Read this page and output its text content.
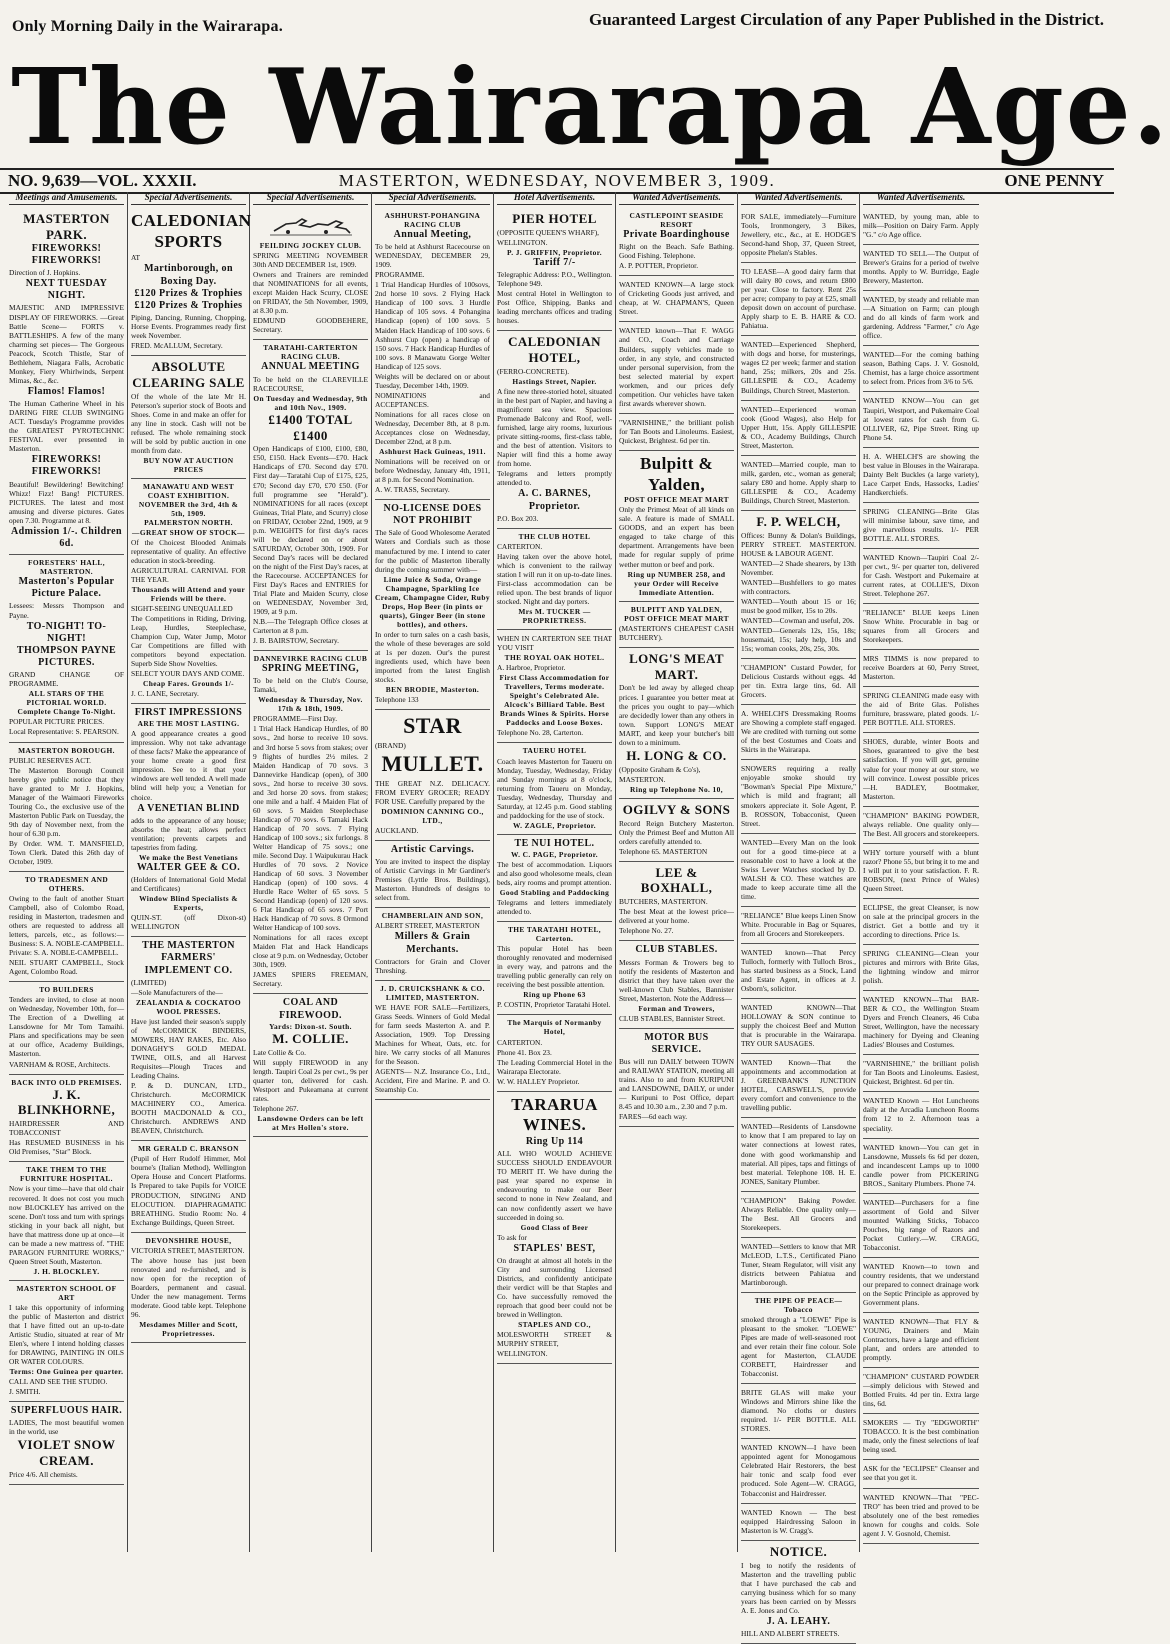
Only Morning Daily in the Wairarapa.	Guaranteed Largest Circulation of any Paper Published in the District.
The Wairarapa Age.
NO. 9,639—VOL. XXXII.	MASTERTON, WEDNESDAY, NOVEMBER 3, 1909.	ONE PENNY
Meetings and Amusements.
MASTERTON PARK.
FIREWORKS! FIREWORKS!

Direction of J. Hopkins.

NEXT TUESDAY NIGHT.

MAJESTIC AND IMPRESSIVE DISPLAY OF FIREWORKS. —Great Battle Scene— FORTS v. BATTLESHIPS. A few of the many charming set pieces— The Gorgeous Peacock, Scotch Thistle, Star of Bethlehem, Niagara Falls, Acrobatic Monkey, Fiery Whirlwinds, Serpent Mimas, &c., &c.

Flamos! Flamos!

The Human Catherine Wheel in his DARING FIRE CLUB SWINGING ACT. Tuesday's Programme provides the GREATEST PYROTECHNIC FESTIVAL ever presented in Masterton.

FIREWORKS! FIREWORKS!

Beautiful! Bewildering! Bewitching! Whizz! Fizz! Bang! PICTURES. PICTURES. The latest and most amusing and diverse pictures. Gates open 7.30. Programme at 8.

Admission 1/-. Children 6d.
FORESTERS' HALL, MASTERTON.
Masterton's Popular Picture Palace.

Lessees: Messrs Thompson and Payne.

TO-NIGHT! TO-NIGHT!
THOMPSON PAYNE PICTURES.

GRAND CHANGE OF PROGRAMME.

ALL STARS OF THE PICTORIAL WORLD.
Complete Change To-Night.

POPULAR PICTURE PRICES.

Local Representative: S. PEARSON.

MASTERTON BOROUGH.

PUBLIC RESERVES ACT.

The Masterton Borough Council hereby give public notice that they have granted to Mr J. Hopkins, Manager of the Waimaori Fireworks Touring Co., the exclusive use of the Masterton Public Park on Tuesday, the 9th day of November next, from the hour of 6.30 p.m.

By Order. WM. T. MANSFIELD, Town Clerk. Dated this 26th day of October, 1909.

TO TRADESMEN AND OTHERS.

Owing to the fault of another Stuart Campbell, also of Colombo Road, residing in Masterton, tradesmen and others are requested to address all letters, parcels, etc., as follows:— Business: S. A. NOBLE-CAMPBELL. Private: S. A. NOBLE-CAMPBELL.

NEIL STUART CAMPBELL, Stock Agent, Colombo Road.

TO BUILDERS

Tenders are invited, to close at noon on Wednesday, November 10th, for— The Erection of a Dwelling at Lansdowne for Mr Tom Tamaihi. Plans and specifications may be seen at our office, Academy Buildings, Masterton.

VARNHAM & ROSE, Architects.

BACK INTO OLD PREMISES.
J. K. BLINKHORNE,

HAIRDRESSER AND TOBACCONIST

Has RESUMED BUSINESS in his Old Premises, "Star" Block.

TAKE THEM TO THE FURNITURE HOSPITAL.

Now is your time—have that old chair recovered. It does not cost you much now BLOCKLEY has arrived on the scene. Don't toss and turn with springs sticking in your back all night, but have that mattress done up at once—it can be made a new mattress of. "THE PARAGON FURNITURE WORKS," Queen Street South, Masterton.

J. H. BLOCKLEY.
MASTERTON SCHOOL OF ART

I take this opportunity of informing the public of Masterton and district that I have fitted out an up-to-date Artistic Studio, situated at rear of Mr Elen's, where I intend holding classes for DRAWING, PAINTING IN OILS OR WATER COLOURS.

Terms: One Guinea per quarter.

CALL AND SEE THE STUDIO.

J. SMITH.

SUPERFLUOUS HAIR.

LADIES, The most beautiful women in the world, use

VIOLET SNOW CREAM.

Price 4/6. All chemists.

Special Advertisements.
CALEDONIAN SPORTS

AT

Martinborough, on Boxing Day.
£120 Prizes & Trophies
£120 Prizes & Trophies

Piping, Dancing, Running, Chopping, Horse Events. Programmes ready first week November.

FRED. McALLUM, Secretary.

ABSOLUTE CLEARING SALE

Of the whole of the late Mr H. Peterson's superior stock of Boots and Shoes. Come in and make an offer for any line in stock. Cash will not be refused. The whole remaining stock will be sold by public auction in one month from date.

BUY NOW AT AUCTION PRICES
MANAWATU AND WEST COAST EXHIBITION.
NOVEMBER the 3rd, 4th & 5th, 1909.
PALMERSTON NORTH.
—GREAT SHOW OF STOCK—

Of the Choicest Blooded Animals representative of quality. An effective education in stock-breeding.

AGRICULTURAL CARNIVAL FOR THE YEAR.

Thousands will Attend and your Friends will be there.

SIGHT-SEEING UNEQUALLED

The Competitions in Riding, Driving, Leap, Hurdles, Steeplechase, Champion Cup, Water Jump, Motor Car Competitions are filled with competitors beyond expectation. Superb Side Show Novelties.

SELECT YOUR DAYS AND COME.

Cheap Fares. Grounds 1/-

J. C. LANE, Secretary.

FIRST IMPRESSIONS
ARE THE MOST LASTING.

A good appearance creates a good impression. Why not take advantage of these facts? Make the appearance of your home create a good first impression. See to it that your windows are well tended. A well made blind will help you; a Venetian for choice.

A VENETIAN BLIND

adds to the appearance of any house; absorbs the heat; allows perfect ventilation; prevents carpets and tapestries from fading.

We make the Best Venetians
WALTER GEE & CO.

(Holders of International Gold Medal and Certificates)

Window Blind Specialists & Experts,

QUIN-ST. (off Dixon-st) WELLINGTON

THE MASTERTON FARMERS' IMPLEMENT CO.

(LIMITED)

—Sole Manufacturers of the—

ZEALANDIA & COCKATOO WOOL PRESSES.

Have just landed their season's supply of McCORMICK BINDERS, MOWERS, HAY RAKES, Etc. Also DONAGHY'S GOLD MEDAL TWINE, OILS, and all Harvest Requisites—Plough Traces and Leading Chains.

P. & D. DUNCAN, LTD., Christchurch. McCORMICK MACHINERY CO., America. BOOTH MACDONALD & CO., Christchurch. ANDREWS AND BEAVEN, Christchurch.

MR GERALD C. BRANSON

(Pupil of Herr Rudolf Himmer, Mol bourne's (Italian Method), Wellington Opera House and Concert Platforms. Is Prepared to take Pupils for VOICE PRODUCTION, SINGING AND ELOCUTION. DIAPHRAGMATIC BREATHING. Studio Room: No. 4 Exchange Buildings, Queen Street.

DEVONSHIRE HOUSE,

VICTORIA STREET, MASTERTON.

The above house has just been renovated and re-furnished, and is now open for the reception of Boarders, permanent and casual. Under the new management. Terms moderate. Good table kept. Telephone 96.

Mesdames Miller and Scott, Proprietresses.
Special Advertisements.
FEILDING JOCKEY CLUB.

SPRING MEETING NOVEMBER 30th AND DECEMBER 1st, 1909.

Owners and Trainers are reminded that NOMINATIONS for all events, except Maiden Hack Scurry, CLOSE on FRIDAY, the 5th November, 1909, at 8.30 p.m.

EDMUND GOODBEHERE, Secretary.

TARATAHI-CARTERTON RACING CLUB.
ANNUAL MEETING

To be held on the CLAREVILLE RACECOURSE,

On Tuesday and Wednesday, 9th and 10th Nov., 1909.
£1400 TOTAL £1400

Open Handicaps of £100, £100, £80, £50, £150. Hack Events—£70. Hack Handicaps of £70. Second day £70. First day—Taratahi Cup of £175, £25, £70; Second day £70, £70 £50. (For full programme see "Herald"). NOMINATIONS for all races (except Guineas, Trial Plate, and Scurry) close on FRIDAY, October 22nd, 1909, at 9 p.m. WEIGHTS for first day's races will be declared on or about SATURDAY, October 30th, 1909. For Second Day's races will be declared on the night of the First Day's races, at the Racecourse. ACCEPTANCES for First Day's Races and ENTRIES for Trial Plate and Maiden Scurry, close on WEDNESDAY, November 3rd, 1909, at 9 p.m.

N.B.—The Telegraph Office closes at Carterton at 8 p.m.

J. B. BAIRSTOW, Secretary.

DANNEVIRKE RACING CLUB
SPRING MEETING,

To be held on the Club's Course, Tamaki,

Wednesday & Thursday, Nov. 17th & 18th, 1909.

PROGRAMME—First Day.

1 Trial Hack Handicap Hurdles, of 80 sovs., 2nd horse to receive 10 sovs. and 3rd horse 5 sovs from stakes; over 9 flights of hurdles 2½ miles. 2 Maiden Handicap of 70 sovs. 3 Dannevirke Handicap (open), of 300 sovs., 2nd horse to receive 30 sovs. and 3rd horse 20 sovs. from stakes; one mile and a half. 4 Maiden Flat of 60 sovs. 5 Maiden Steeplechase Handicap of 70 sovs. 6 Tamaki Hack Handicap of 70 sovs. 7 Flying Handicap of 100 sovs.; six furlongs. 8 Welter Handicap of 75 sovs.; one mile. Second Day. 1 Waipukurau Hack Hurdles of 70 sovs. 2 Novice Handicap of 60 sovs. 3 November Handicap (open) of 100 sovs. 4 Hurdle Race Welter of 65 sovs. 5 Second Handicap (open) of 120 sovs. 6 Flat Handicap of 65 sovs. 7 Port Hack Handicap of 70 sovs. 8 Ormond Welter Handicap of 100 sovs.

Nominations for all races except Maiden Flat and Hack Handicaps close at 9 p.m. on Wednesday, October 30th, 1909.

JAMES SPIERS FREEMAN, Secretary.

COAL AND FIREWOOD.
Yards: Dixon-st. South.
M. COLLIE.

Late Collie & Co.

Will supply FIREWOOD in any length. Taupiri Coal 2s per cwt., 9s per quarter ton, delivered for cash. Westport and Pukeamana at current rates.

Telephone 267.

Lansdowne Orders can be left at Mrs Hollen's store.
Special Advertisements.
ASHHURST-POHANGINA RACING CLUB
Annual Meeting,

To be held at Ashhurst Racecourse on WEDNESDAY, DECEMBER 29, 1909.

PROGRAMME.

1 Trial Handicap Hurdles of 100sovs, 2nd horse 10 sovs. 2 Flying Hack Handicap of 100 sovs. 3 Hurdle Handicap of 105 sovs. 4 Pohangina Handicap (open) of 100 sovs. 5 Maiden Hack Handicap of 100 sovs. 6 Ashhurst Cup (open) a handicap of 150 sovs. 7 Hack Handicap Hurdles of 100 sovs. 8 Manawatu Gorge Welter Handicap of 125 sovs.

Weights will be declared on or about Tuesday, December 14th, 1909.

NOMINATIONS and ACCEPTANCES.

Nominations for all races close on Wednesday, December 8th, at 8 p.m. Acceptances close on Wednesday, December 22nd, at 8 p.m.

Ashhurst Hack Guineas, 1911.

Nominations will be received on or before Wednesday, January 4th, 1911, at 8 p.m. for Second Nomination.

A. W. TRASS, Secretary.

NO-LICENSE DOES NOT PROHIBIT

The Sale of Good Wholesome Aerated Waters and Cordials such as those manufactured by me. I intend to cater for the public of Masterton liberally during the coming summer with—

Lime Juice & Soda, Orange Champagne, Sparkling Ice Cream, Champagne Cider, Ruby Drops, Hop Beer (in pints or quarts), Ginger Beer (in stone bottles), and others.

In order to turn sales on a cash basis, the whole of these beverages are sold at 1s per dozen. Our's the purest ingredients used, which have been imported from the latest English stocks.

BEN BRODIE, Masterton.

Telephone 133

STAR

(BRAND)

MULLET.

THE GREAT N.Z. DELICACY. FROM EVERY GROCER; READY FOR USE. Carefully prepared by the

DOMINION CANNING CO., LTD.,

AUCKLAND.

Artistic Carvings.

You are invited to inspect the display of Artistic Carvings in Mr Gardiner's Premises (Lyttle Bros. Buildings), Masterton. Hundreds of designs to select from.

CHAMBERLAIN AND SON,

ALBERT STREET, MASTERTON

Millers & Grain Merchants.

Contractors for Grain and Clover Threshing.

J. D. CRUICKSHANK & CO. LIMITED, MASTERTON.

WE HAVE FOR SALE—Fertilizers, Grass Seeds. Winners of Gold Medal for farm seeds Masterton A. and P. Association, 1909. Top Dressing Machines for Wheat, Oats, etc. for hire. We carry stocks of all Manures for the Season.

AGENTS— N.Z. Insurance Co., Ltd., Accident, Fire and Marine. P. and O. Steamship Co.

Hotel Advertisements.
PIER HOTEL

(OPPOSITE QUEEN'S WHARF),

WELLINGTON.

P. J. GRIFFIN, Proprietor.
Tariff 7/-

Telegraphic Address: P.O., Wellington. Telephone 949.

Most central Hotel in Wellington to Post Office, Shipping, Banks and leading merchants offices and trading houses.

CALEDONIAN HOTEL,

(FERRO-CONCRETE).

Hastings Street, Napier.

A fine new three-storied hotel, situated in the best part of Napier, and having a magnificent sea view. Spacious Promenade Balcony and Roof, well-furnished, large airy rooms, luxurious private sitting-rooms, first-class table, and the best of attention. Visitors to Napier will find this a home away from home.

Telegrams and letters promptly attended to.

A. C. BARNES, Proprietor.

P.O. Box 203.

THE CLUB HOTEL

CARTERTON.

Having taken over the above hotel, which is convenient to the railway station I will run it on up-to-date lines. First-class accommodation can be relied upon. The best brands of liquor stocked. Night and day porters.

Mrs M. TUCKER — PROPRIETRESS.

WHEN IN CARTERTON SEE THAT YOU VISIT

THE ROYAL OAK HOTEL.

A. Harbroe, Proprietor.

First Class Accommodation for Travellers, Terms moderate.
Speight's Celebrated Ale.
Alcock's Billiard Table. Best Brands Wines & Spirits. Horse Paddocks and Loose Boxes.

Telephone No. 28, Carterton.

TAUERU HOTEL

Coach leaves Masterton for Taueru on Monday, Tuesday, Wednesday, Friday and Sunday mornings at 8 o'clock, returning from Taueru on Monday, Tuesday, Wednesday, Thursday and Saturday, at 12.45 p.m. Good stabling and paddocking for the use of stock.

W. ZAGLE, Proprietor.
TE NUI HOTEL.
W. C. PAGE, Proprietor.

The best of accommodation. Liquors and also good wholesome meals, clean beds, airy rooms and prompt attention.

Good Stabling and Paddocking

Telegrams and letters immediately attended to.

THE TARATAHI HOTEL, Carterton.

This popular Hotel has been thoroughly renovated and modernised in every way, and patrons and the travelling public generally can rely on receiving the best possible attention.

Ring up Phone 63

P. COSTIN, Proprietor Taratahi Hotel.

The Marquis of Normanby Hotel,

CARTERTON.

Phone 41. Box 23.

The Leading Commercial Hotel in the Wairarapa Electorate.

W. W. HALLEY Proprietor.

TARARUA WINES.
Ring Up 114

ALL WHO WOULD ACHIEVE SUCCESS SHOULD ENDEAVOUR TO MERIT IT. We have during the past year spared no expense in endeavouring to make our Beer second to none in New Zealand, and can now confidently assert we have succeeded in doing so.

Good Class of Beer

To ask for

STAPLES' BEST,

On draught at almost all hotels in the City and surrounding Licensed Districts, and confidently anticipate their verdict will be that Staples and Co. have successfully removed the reproach that good beer could not be brewed in Wellington.

STAPLES AND CO.,

MOLESWORTH STREET & MURPHY STREET,

WELLINGTON.

Wanted Advertisements.
CASTLEPOINT SEASIDE RESORT
Private Boardinghouse

Right on the Beach. Safe Bathing. Good Fishing. Telephone.

A. P. POTTER, Proprietor.

WANTED KNOWN—A large stock of Cricketing Goods just arrived, and cheap, at W. CHAPMAN'S, Queen Street.

WANTED known—That F. WAGG and CO., Coach and Carriage Builders, supply vehicles made to order, in any style, and constructed under personal supervision, from the best selected material by expert workmen, and our prices defy competition. Our vehicles have taken first awards wherever shown.

"VARNISHINE," the brilliant polish for Tan Boots and Linoleums. Easiest, Quickest, Brightest. 6d per tin.

Bulpitt & Yalden,
POST OFFICE MEAT MART

Only the Primest Meat of all kinds on sale. A feature is made of SMALL GOODS, and an expert has been engaged to take charge of this department. Arrangements have been made for regular supply of prime wether mutton or beef and pork.

Ring up NUMBER 258, and your Order will Receive Immediate Attention.
BULPITT AND YALDEN,
POST OFFICE MEAT MART

(MASTERTON'S CHEAPEST CASH BUTCHERY).

LONG'S MEAT MART.

Don't be led away by alleged cheap prices. I guarantee you better meat at the prices you ought to pay—which are decidedly lower than any others in town. Support LONG'S MEAT MART, and keep your butcher's bill down to a minimum.

H. LONG & CO.

(Opposite Graham & Co's),

MASTERTON.

Ring up Telephone No. 10,
OGILVY & SONS

Record Reign Butchery Masterton. Only the Primest Beef and Mutton All orders carefully attended to.

Telephone 65. MASTERTON

LEE & BOXHALL,

BUTCHERS, MASTERTON.

The best Meat at the lowest price—delivered at your home.

Telephone No. 27.

CLUB STABLES.

Messrs Forman & Trowers beg to notify the residents of Masterton and district that they have taken over the well-known Club Stables, Bannister Street, Masterton. Note the Address—

Forman and Trowers,

CLUB STABLES, Bannister Street.

MOTOR BUS SERVICE.

Bus will run DAILY between TOWN and RAILWAY STATION, meeting all trains. Also to and from KURIPUNI and LANSDOWNE, DAILY, or under— Kuripuni to Post Office, depart 8.45 and 10.30 a.m., 2.30 and 7 p.m.

FARES—6d each way.

Wanted Advertisements.

FOR SALE, immediately—Furniture Tools, Ironmongery, 3 Bikes, Jewellery, etc., &c., at E. HODGE'S Second-hand Shop, 37, Queen Street, opposite Phelan's Stables.

TO LEASE—A good dairy farm that will dairy 80 cows, and return £800 per year. Close to factory. Rent 25s per acre; company to pay at £25, small deposit down on account of purchase. Apply sharp to E. B. HARE & CO. Pahiatua.

WANTED—Experienced Shepherd, with dogs and horse, for musterings, wages £2 per week; farmer and station hand, 25s; milkers, 20s and 25s. GILLESPIE & CO., Academy Buildings, Church Street, Masterton.

WANTED—Experienced woman cook (Good Wages), also Help for Upper Hutt, 15s. Apply GILLESPIE & CO., Academy Buildings, Church Street, Masterton.

WANTED—Married couple, man to milk, garden, etc., woman as general; salary £80 and home. Apply sharp to GILLESPIE & CO., Academy Buildings, Church Street, Masterton.

F. P. WELCH,

Offices: Bunny & Dolan's Buildings, PERRY STREET. MASTERTON. HOUSE & LABOUR AGENT.

WANTED—2 Shade shearers, by 13th November.

WANTED—Bushfellers to go mates with contractors.

WANTED—Youth about 15 or 16; must be good milker, 15s to 20s.

WANTED—Cowman and useful, 20s.

WANTED—Generals 12s, 15s, 18s; housemaid, 15s; lady help, 10s and 15s; woman cooks, 20s, 25s, 30s.

"CHAMPION" Custard Powder, for Delicious Custards without eggs. 4d per tin. Extra large tins, 6d. All Grocers.

A. WHELCH'S Dressmaking Rooms are Showing a complete staff engaged. We are credited with turning out some of the best Costumes and Coats and Skirts in the Wairarapa.

SNOWERS requiring a really enjoyable smoke should try "Bowman's Special Pipe Mixture," which is mild and fragrant; all smokers appreciate it. Sole Agent, P. B. ROSSON, Tobacconist, Queen Street.

WANTED—Every Man on the look out for a good time-piece at a reasonable cost to have a look at the Swiss Lever Watches stocked by D. WALSH & CO. These watches are made to keep accurate time all the time.

"RELIANCE" Blue keeps Linen Snow White. Procurable in Bag or Squares, from all Grocers and Storekeepers.

WANTED known—That Percy Tulloch, formerly with Tulloch Bros., has started business as a Stock, Land and Estate Agent, in offices at J. Osborn's, solicitor.

WANTED KNOWN—That HOLLOWAY & SON continue to supply the choicest Beef and Mutton that is procurable in the Wairarapa. TRY OUR SAUSAGES.

WANTED Known—That the appointments and accommodation at J. GREENBANK'S JUNCTION HOTEL, CARSWELL'S, provide every comfort and convenience to the travelling public.

WANTED—Residents of Lansdowne to know that I am prepared to lay on water connections at lowest rates, done with good workmanship and material. All pipes, taps and fittings of best material. Telephone 108. H. E. JONES, Sanitary Plumber.

"CHAMPION" Baking Powder. Always Reliable. One quality only—The Best. All Grocers and Storekeepers.

WANTED—Settlers to know that MR McLEOD, L.T.S., Certificated Piano Tuner, Steam Regulator, will visit any districts between Pahiatua and Martinborough.

THE PIPE OF PEACE—Tobacco

smoked through a "LOEWE" Pipe is pleasant to the smoker. "LOEWE" Pipes are made of well-seasoned root and ever retain their fine colour. Sole agent for Masterton, CLAUDE CORBETT, Hairdresser and Tobacconist.

BRITE GLAS will make your Windows and Mirrors shine like the diamond. No cloths or dusters required. 1/- PER BOTTLE. ALL STORES.

WANTED KNOWN—I have been appointed agent for Monogamous Celebrated Hair Restorers, the best hair tonic and scalp food ever produced. Sole Agent—W. CRAGG, Tobacconist and Hairdresser.

WANTED Known — The best equipped Hairdressing Saloon in Masterton is W. Cragg's.

NOTICE.

I beg to notify the residents of Masterton and the travelling public that I have purchased the cab and carrying business which for so many years has been carried on by Messrs A. E. Jones and Co.

J. A. LEAHY.

HILL AND ALBERT STREETS.

Wanted Advertisements.

WANTED, by young man, able to milk—Position on Dairy Farm. Apply "G." c/o Age office.

WANTED TO SELL—The Output of Brewer's Grains for a period of twelve months. Apply to W. Burridge, Eagle Brewery, Masterton.

WANTED, by steady and reliable man—A Situation on Farm; can plough and do all kinds of farm work and gardening. Address "Farmer," c/o Age office.

WANTED—For the coming bathing season, Bathing Caps. J. V. Gosnold, Chemist, has a large choice assortment to select from. Prices from 3/6 to 5/6.

WANTED KNOW—You can get Taupiri, Westport, and Pukemaire Coal at lowest rates for cash from G. OLLIVER, 62, Pipe Street. Ring up Phone 54.

H. A. WHELCH'S are showing the best value in Blouses in the Wairarapa. Dainty Belt Buckles (a large variety), Lace Carpet Ends, Hassocks, Ladies' Handkerchiefs.

SPRING CLEANING—Brite Glas will minimise labour, save time, and give marvellous results. 1/- PER BOTTLE. ALL STORES.

WANTED Known—Taupiri Coal 2/- per cwt., 9/- per quarter ton, delivered for Cash. Westport and Pukemaire at current rates, at COLLIE'S, Dixon Street. Telephone 267.

"RELIANCE" BLUE keeps Linen Snow White. Procurable in bag or squares from all Grocers and Storekeepers.

MRS TIMMS is now prepared to receive Boarders at 60, Perry Street, Masterton.

SPRING CLEANING made easy with the aid of Brite Glas. Polishes furniture, brassware, plated goods. 1/- PER BOTTLE. ALL STORES.

SHOES, durable, winter Boots and Shoes, guaranteed to give the best satisfaction. If you will get, genuine value for your money at our store, we will convince. Lowest possible prices—H. BADLEY, Bootmaker, Masterton.

"CHAMPION" BAKING POWDER, always reliable. One quality only—The Best. All grocers and storekeepers.

WHY torture yourself with a blunt razor? Phone 55, but bring it to me and I will put it to your satisfaction. F. R. ROBSON, (next Prince of Wales) Queen Street.

ECLIPSE, the great Cleanser, is now on sale at the principal grocers in the district. Get a bottle and try it according to directions. Price 1s.

SPRING CLEANING—Clean your pictures and mirrors with Brite Glas, the lightning window and mirror polish.

WANTED KNOWN—That BAR-BER & CO., the Wellington Steam Dyers and French Cleaners, 46 Cuba Street, Wellington, have the necessary machinery for Dyeing and Cleaning Ladies' Blouses and Costumes.

"VARNISHINE," the brilliant polish for Tan Boots and Linoleums. Easiest, Quickest, Brightest. 6d per tin.

WANTED Known — Hot Luncheons daily at the Arcadia Luncheon Rooms from 12 to 2. Afternoon teas a speciality.

WANTED known—You can get in Lansdowne, Mussels 6s 6d per dozen, and incandescent Lamps up to 1000 candle power from PICKERING BROS., Sanitary Plumbers. Phone 74.

WANTED—Purchasers for a fine assortment of Gold and Silver mounted Walking Sticks, Tobacco Pouches, big range of Razors and Pocket Cutlery.—W. CRAGG, Tobacconist.

WANTED Known—to town and country residents, that we understand our prepared to connect drainage work on the Septic Principle as approved by Government plans.

WANTED KNOWN—That FLY & YOUNG, Drainers and Main Contractors, have a large and efficient plant, and orders are attended to promptly.

"CHAMPION" CUSTARD POWDER—simply delicious with Stewed and Bottled Fruits. 4d per tin. Extra large tins, 6d.

SMOKERS — Try "EDGWORTH" TOBACCO. It is the best combination made, only the finest selections of leaf being used.

ASK for the "ECLIPSE" Cleanser and see that you get it.

WANTED KNOWN—That "PEC-TRO" has been tried and proved to be absolutely one of the best remedies known for coughs and colds. Sole agent J. V. Gosnold, Chemist.
